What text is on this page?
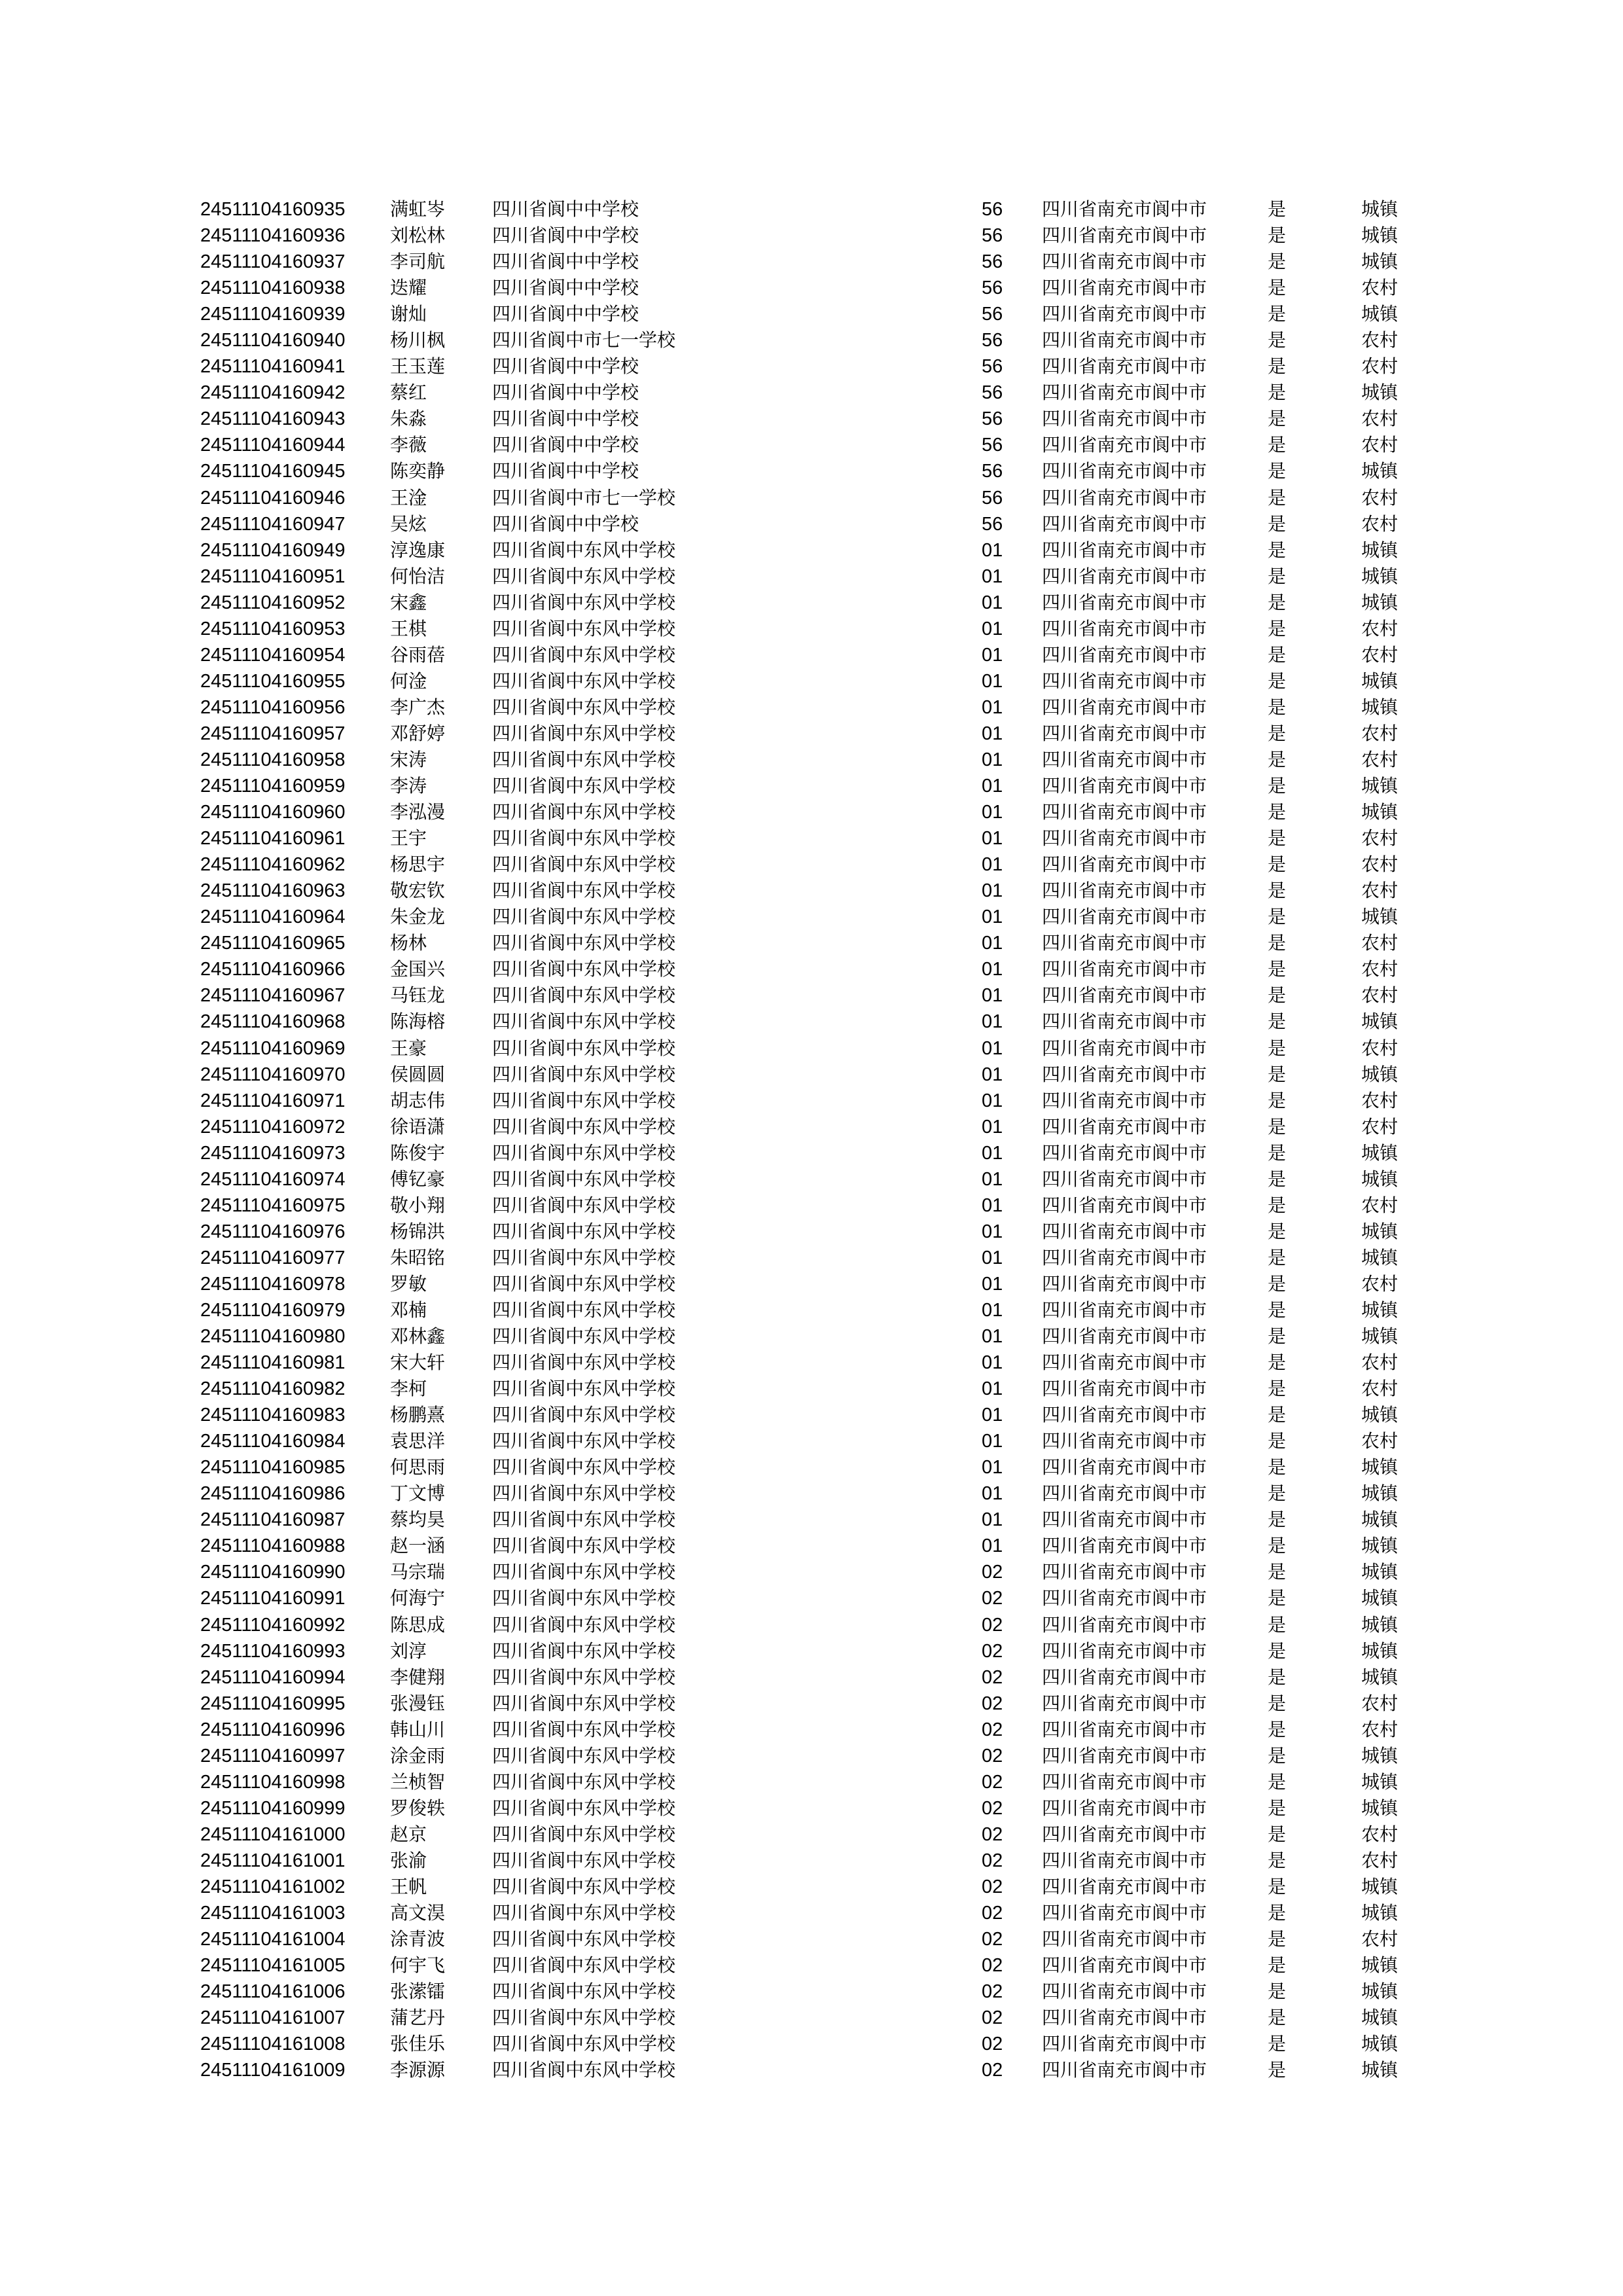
24511104160935 满虹岑	四川省阆中中学校	56 四川省南充市阆中市	是	城镇
24511104160936 刘松林	四川省阆中中学校	56 四川省南充市阆中市	是	城镇
24511104160937 李司航	四川省阆中中学校	56 四川省南充市阆中市	是	城镇
24511104160938 迭耀	四川省阆中中学校	56 四川省南充市阆中市	是	农村
24511104160939 谢灿	四川省阆中中学校	56 四川省南充市阆中市	是	城镇
24511104160940 杨川枫	四川省阆中市七一学校	56 四川省南充市阆中市	是	农村
24511104160941 王玉莲	四川省阆中中学校	56 四川省南充市阆中市	是	农村
24511104160942 蔡红	四川省阆中中学校	56 四川省南充市阆中市	是	城镇
24511104160943 朱淼	四川省阆中中学校	56 四川省南充市阆中市	是	农村
24511104160944 李薇	四川省阆中中学校	56 四川省南充市阆中市	是	农村
24511104160945 陈奕静	四川省阆中中学校	56 四川省南充市阆中市	是	城镇
24511104160946 王淦	四川省阆中市七一学校	56 四川省南充市阆中市	是	农村
24511104160947 吴炫	四川省阆中中学校	56 四川省南充市阆中市	是	农村
24511104160949 淳逸康	四川省阆中东风中学校	01 四川省南充市阆中市	是	城镇
24511104160951 何怡洁	四川省阆中东风中学校	01 四川省南充市阆中市	是	城镇
24511104160952 宋鑫	四川省阆中东风中学校	01 四川省南充市阆中市	是	城镇
24511104160953 王棋	四川省阆中东风中学校	01 四川省南充市阆中市	是	农村
24511104160954 谷雨蓓	四川省阆中东风中学校	01 四川省南充市阆中市	是	农村
24511104160955 何淦	四川省阆中东风中学校	01 四川省南充市阆中市	是	城镇
24511104160956 李广杰	四川省阆中东风中学校	01 四川省南充市阆中市	是	城镇
24511104160957 邓舒婷	四川省阆中东风中学校	01 四川省南充市阆中市	是	农村
24511104160958 宋涛	四川省阆中东风中学校	01 四川省南充市阆中市	是	农村
24511104160959 李涛	四川省阆中东风中学校	01 四川省南充市阆中市	是	城镇
24511104160960 李泓漫	四川省阆中东风中学校	01 四川省南充市阆中市	是	城镇
24511104160961 王宇	四川省阆中东风中学校	01 四川省南充市阆中市	是	农村
24511104160962 杨思宇	四川省阆中东风中学校	01 四川省南充市阆中市	是	农村
24511104160963 敬宏钦	四川省阆中东风中学校	01 四川省南充市阆中市	是	农村
24511104160964 朱金龙	四川省阆中东风中学校	01 四川省南充市阆中市	是	城镇
24511104160965 杨林	四川省阆中东风中学校	01 四川省南充市阆中市	是	农村
24511104160966 金国兴	四川省阆中东风中学校	01 四川省南充市阆中市	是	农村
24511104160967 马钰龙	四川省阆中东风中学校	01 四川省南充市阆中市	是	农村
24511104160968 陈海榕	四川省阆中东风中学校	01 四川省南充市阆中市	是	城镇
24511104160969 王豪	四川省阆中东风中学校	01 四川省南充市阆中市	是	农村
24511104160970 侯圆圆	四川省阆中东风中学校	01 四川省南充市阆中市	是	城镇
24511104160971 胡志伟	四川省阆中东风中学校	01 四川省南充市阆中市	是	农村
24511104160972 徐语潇	四川省阆中东风中学校	01 四川省南充市阆中市	是	农村
24511104160973 陈俊宇	四川省阆中东风中学校	01 四川省南充市阆中市	是	城镇
24511104160974 傅钇豪	四川省阆中东风中学校	01 四川省南充市阆中市	是	城镇
24511104160975 敬小翔	四川省阆中东风中学校	01 四川省南充市阆中市	是	农村
24511104160976 杨锦洪	四川省阆中东风中学校	01 四川省南充市阆中市	是	城镇
24511104160977 朱昭铭	四川省阆中东风中学校	01 四川省南充市阆中市	是	城镇
24511104160978 罗敏	四川省阆中东风中学校	01 四川省南充市阆中市	是	农村
24511104160979 邓楠	四川省阆中东风中学校	01 四川省南充市阆中市	是	城镇
24511104160980 邓林鑫	四川省阆中东风中学校	01 四川省南充市阆中市	是	城镇
24511104160981 宋大轩	四川省阆中东风中学校	01 四川省南充市阆中市	是	农村
24511104160982 李柯	四川省阆中东风中学校	01 四川省南充市阆中市	是	农村
24511104160983 杨鹏熹	四川省阆中东风中学校	01 四川省南充市阆中市	是	城镇
24511104160984 袁思洋	四川省阆中东风中学校	01 四川省南充市阆中市	是	农村
24511104160985 何思雨	四川省阆中东风中学校	01 四川省南充市阆中市	是	城镇
24511104160986 丁文博	四川省阆中东风中学校	01 四川省南充市阆中市	是	城镇
24511104160987 蔡均昊	四川省阆中东风中学校	01 四川省南充市阆中市	是	城镇
24511104160988 赵一涵	四川省阆中东风中学校	01 四川省南充市阆中市	是	城镇
24511104160990 马宗瑞	四川省阆中东风中学校	02 四川省南充市阆中市	是	城镇
24511104160991 何海宁	四川省阆中东风中学校	02 四川省南充市阆中市	是	城镇
24511104160992 陈思成	四川省阆中东风中学校	02 四川省南充市阆中市	是	城镇
24511104160993 刘淳	四川省阆中东风中学校	02 四川省南充市阆中市	是	城镇
24511104160994 李健翔	四川省阆中东风中学校	02 四川省南充市阆中市	是	城镇
24511104160995 张漫钰	四川省阆中东风中学校	02 四川省南充市阆中市	是	农村
24511104160996 韩山川	四川省阆中东风中学校	02 四川省南充市阆中市	是	农村
24511104160997 涂金雨	四川省阆中东风中学校	02 四川省南充市阆中市	是	城镇
24511104160998 兰桢智	四川省阆中东风中学校	02 四川省南充市阆中市	是	城镇
24511104160999 罗俊轶	四川省阆中东风中学校	02 四川省南充市阆中市	是	城镇
24511104161000 赵京	四川省阆中东风中学校	02 四川省南充市阆中市	是	农村
24511104161001 张渝	四川省阆中东风中学校	02 四川省南充市阆中市	是	农村
24511104161002 王帆	四川省阆中东风中学校	02 四川省南充市阆中市	是	城镇
24511104161003 高文淏	四川省阆中东风中学校	02 四川省南充市阆中市	是	城镇
24511104161004 涂青波	四川省阆中东风中学校	02 四川省南充市阆中市	是	农村
24511104161005 何宇飞	四川省阆中东风中学校	02 四川省南充市阆中市	是	城镇
24511104161006 张潆镭	四川省阆中东风中学校	02 四川省南充市阆中市	是	城镇
24511104161007 蒲艺丹	四川省阆中东风中学校	02 四川省南充市阆中市	是	城镇
24511104161008 张佳乐	四川省阆中东风中学校	02 四川省南充市阆中市	是	城镇
24511104161009 李源源	四川省阆中东风中学校	02 四川省南充市阆中市	是	城镇
